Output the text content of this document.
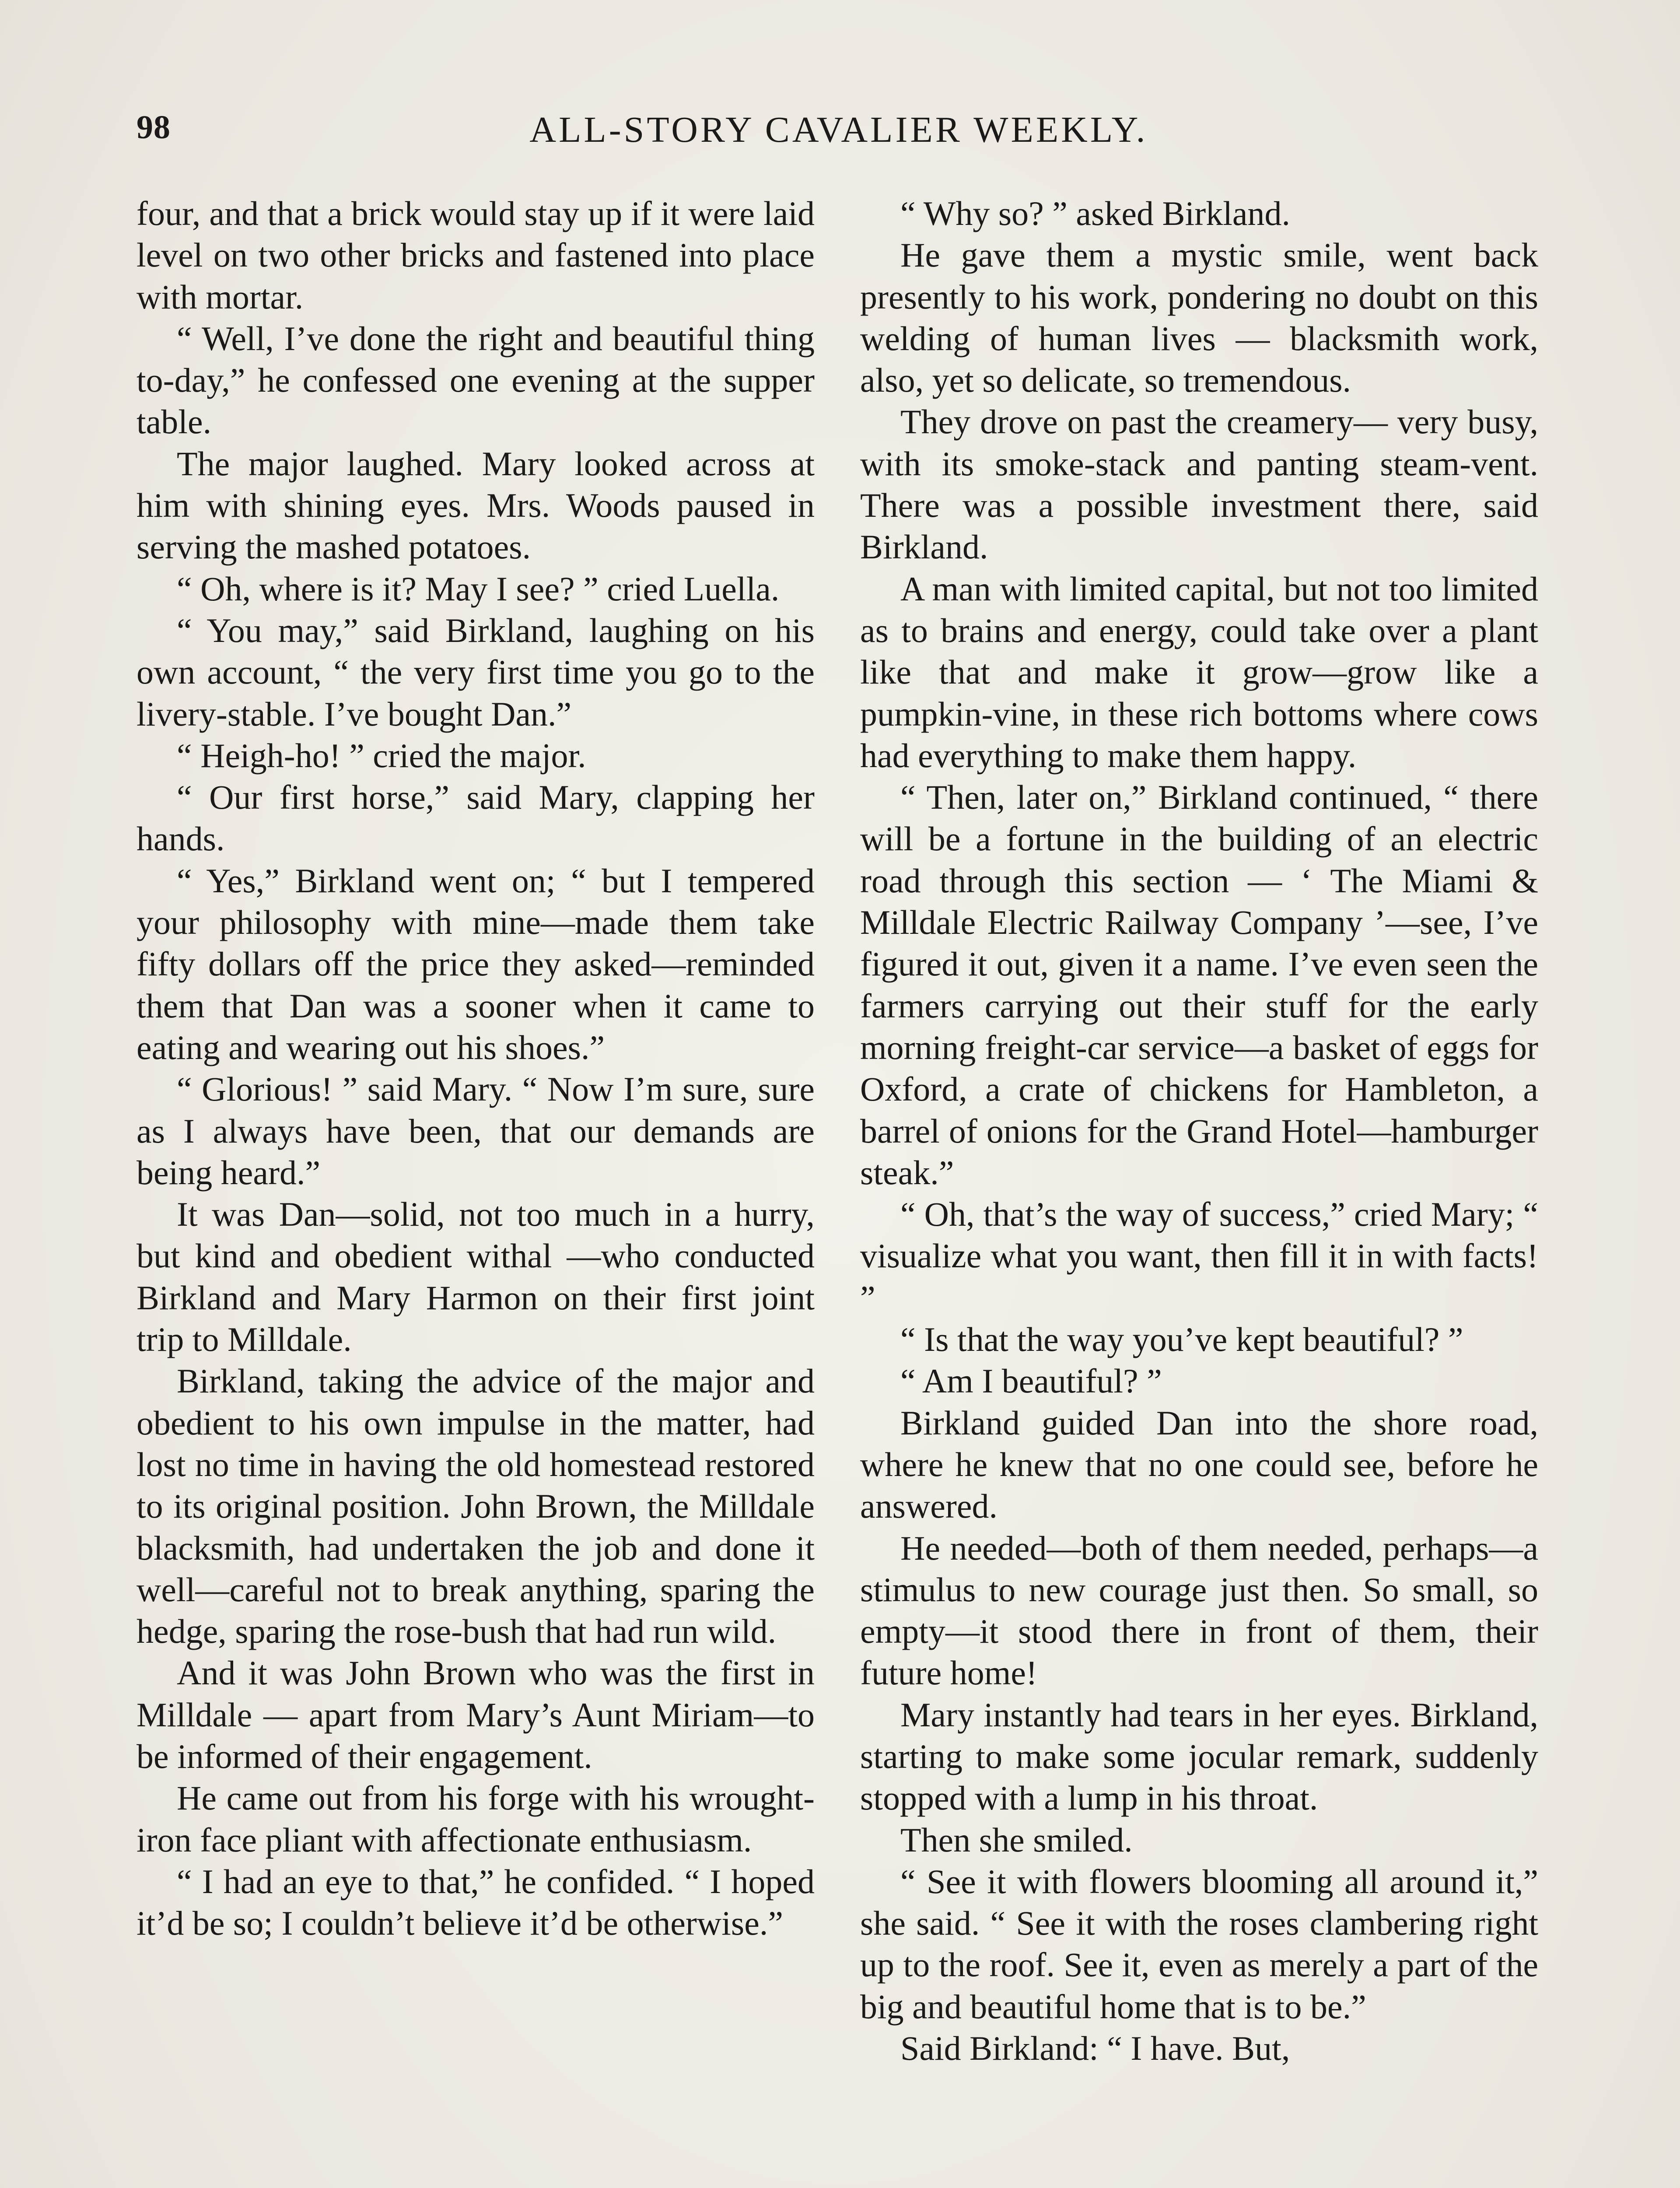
98	ALL-STORY CAVALIER WEEKLY.

four, and that a brick would stay up if it were laid level on two other bricks and fastened into place with mortar.

“ Well, I’ve done the right and beautiful thing to-day,” he confessed one evening at the supper table.

The major laughed. Mary looked across at him with shining eyes. Mrs. Woods paused in serving the mashed potatoes.

“ Oh, where is it? May I see? ” cried Luella.

“ You may,” said Birkland, laughing on his own account, “ the very first time you go to the livery-stable. I’ve bought Dan.”

“ Heigh-ho! ” cried the major.

“ Our first horse,” said Mary, clapping her hands.

“ Yes,” Birkland went on; “ but I tempered your philosophy with mine—made them take fifty dollars off the price they asked—reminded them that Dan was a sooner when it came to eating and wearing out his shoes.”

“ Glorious! ” said Mary. “ Now I’m sure, sure as I always have been, that our demands are being heard.”

It was Dan—solid, not too much in a hurry, but kind and obedient withal —who conducted Birkland and Mary Harmon on their first joint trip to Milldale.

Birkland, taking the advice of the major and obedient to his own impulse in the matter, had lost no time in having the old homestead restored to its original position. John Brown, the Milldale blacksmith, had undertaken the job and done it well—careful not to break anything, sparing the hedge, sparing the rose-bush that had run wild.

And it was John Brown who was the first in Milldale — apart from Mary’s Aunt Miriam—to be informed of their engagement.

He came out from his forge with his wrought-iron face pliant with affectionate enthusiasm.

“ I had an eye to that,” he confided. “ I hoped it’d be so; I couldn’t believe it’d be otherwise.”

“ Why so? ” asked Birkland.

He gave them a mystic smile, went back presently to his work, pondering no doubt on this welding of human lives — blacksmith work, also, yet so delicate, so tremendous.

They drove on past the creamery— very busy, with its smoke-stack and panting steam-vent. There was a possible investment there, said Birkland.

A man with limited capital, but not too limited as to brains and energy, could take over a plant like that and make it grow—grow like a pumpkin-vine, in these rich bottoms where cows had everything to make them happy.

“ Then, later on,” Birkland continued, “ there will be a fortune in the building of an electric road through this section — ‘ The Miami & Milldale Electric Railway Company ’—see, I’ve figured it out, given it a name. I’ve even seen the farmers carrying out their stuff for the early morning freight-car service—a basket of eggs for Oxford, a crate of chickens for Hambleton, a barrel of onions for the Grand Hotel—hamburger steak.”

“ Oh, that’s the way of success,” cried Mary; “ visualize what you want, then fill it in with facts! ”

“ Is that the way you’ve kept beautiful? ”

“ Am I beautiful? ”

Birkland guided Dan into the shore road, where he knew that no one could see, before he answered.

He needed—both of them needed, perhaps—a stimulus to new courage just then. So small, so empty—it stood there in front of them, their future home!

Mary instantly had tears in her eyes. Birkland, starting to make some jocular remark, suddenly stopped with a lump in his throat.

Then she smiled.

“ See it with flowers blooming all around it,” she said. “ See it with the roses clambering right up to the roof. See it, even as merely a part of the big and beautiful home that is to be.”

Said Birkland: “ I have. But,
